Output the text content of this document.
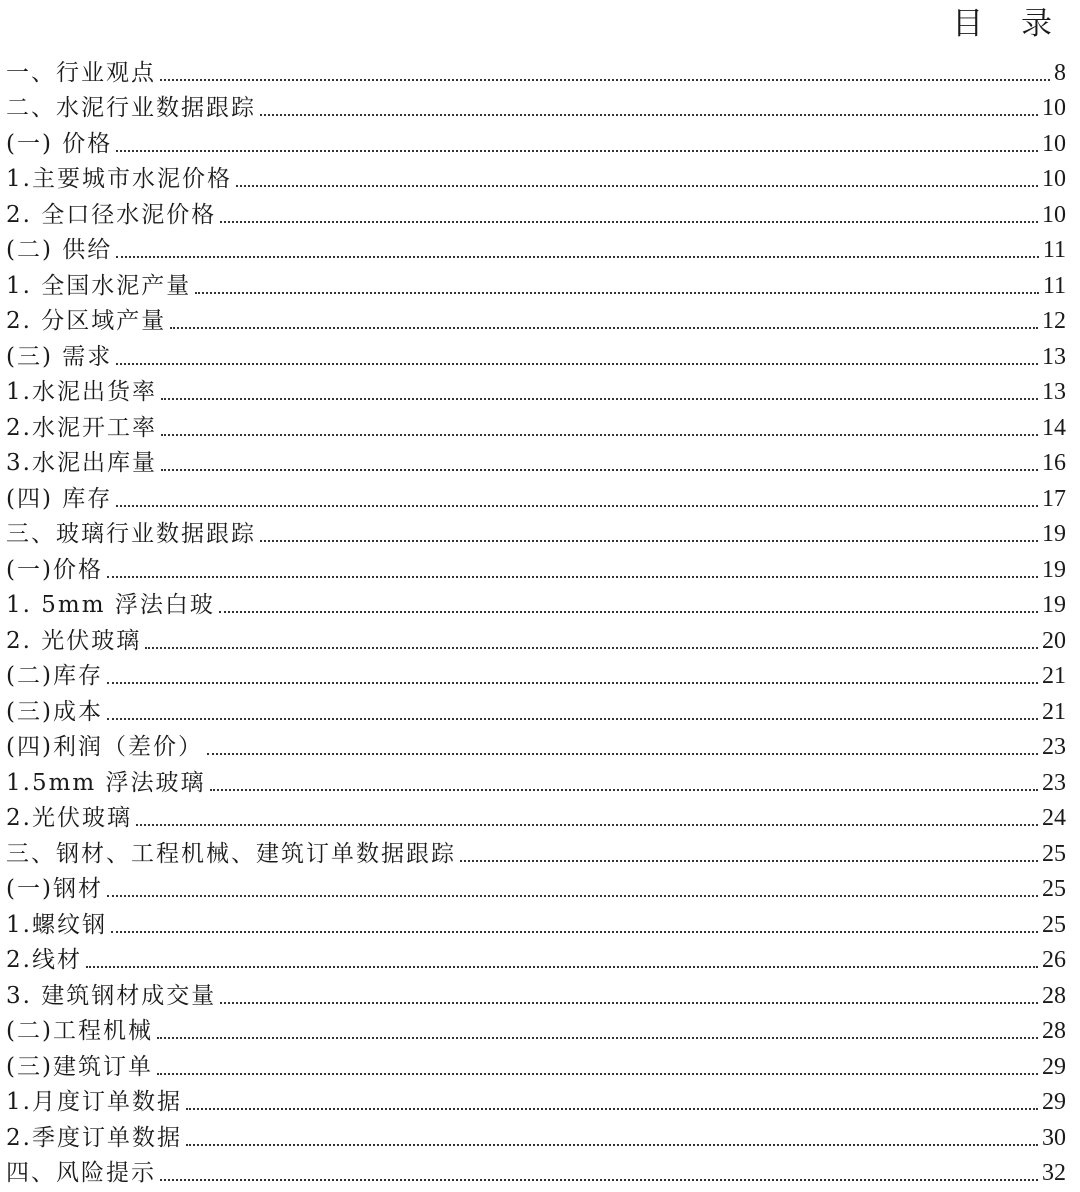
目 录
一、行业观点	8
二、水泥行业数据跟踪	10
(一) 价格	10
1.主要城市水泥价格	10
2. 全口径水泥价格	10
(二) 供给	11
1. 全国水泥产量	11
2. 分区域产量	12
(三) 需求	13
1.水泥出货率	13
2.水泥开工率	14
3.水泥出库量	16
(四) 库存	17
三、玻璃行业数据跟踪	19
(一)价格	19
1. 5mm 浮法白玻	19
2. 光伏玻璃	20
(二)库存	21
(三)成本	21
(四)利润（差价）	23
1.5mm 浮法玻璃	23
2.光伏玻璃	24
三、钢材、工程机械、建筑订单数据跟踪	25
(一)钢材	25
1.螺纹钢	25
2.线材	26
3. 建筑钢材成交量	28
(二)工程机械	28
(三)建筑订单	29
1.月度订单数据	29
2.季度订单数据	30
四、风险提示	32
